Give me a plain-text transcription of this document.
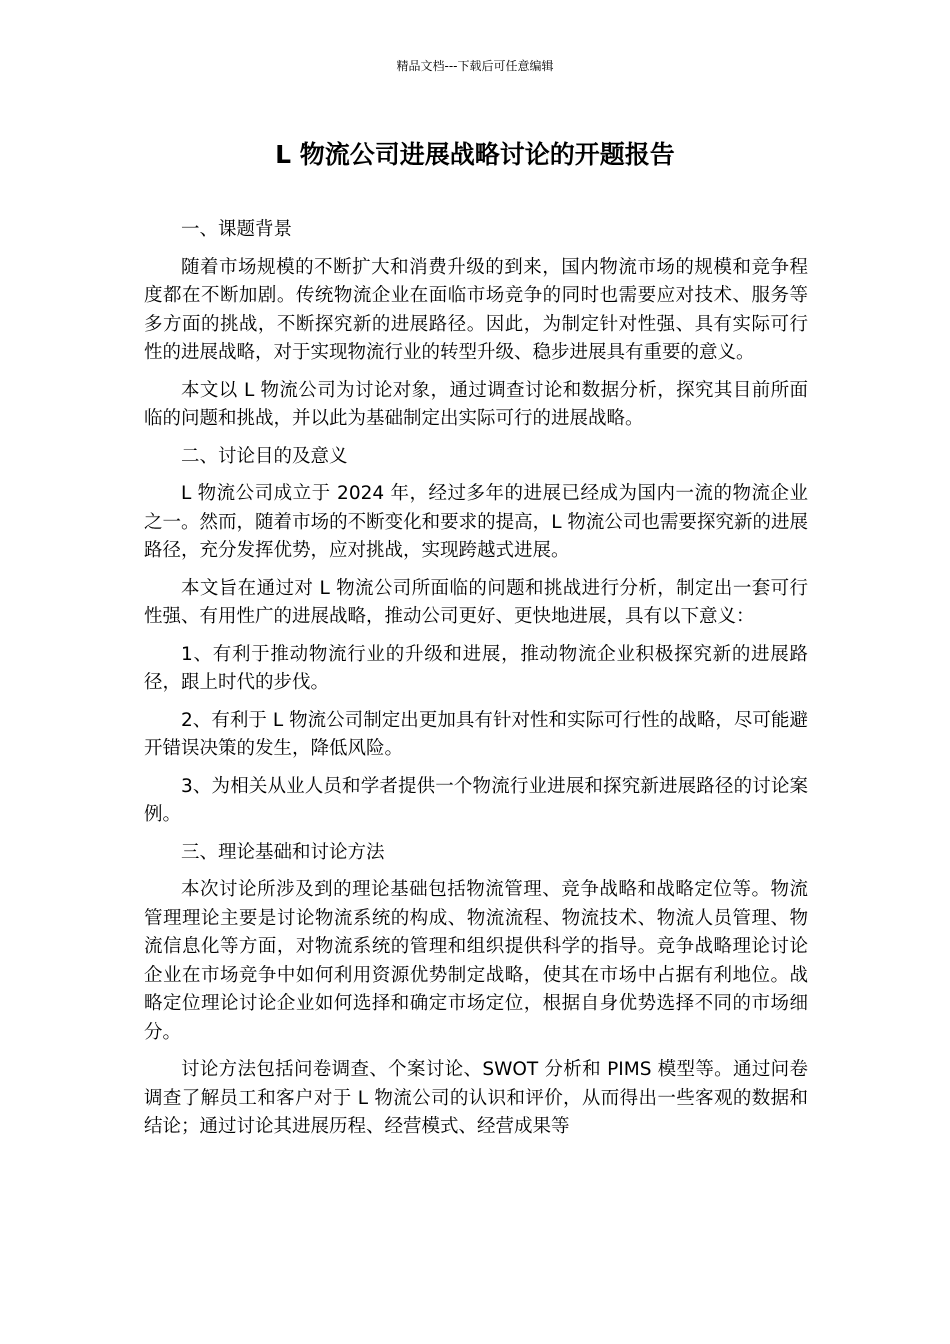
精品文档---下载后可任意编辑
L 物流公司进展战略讨论的开题报告
一、课题背景

随着市场规模的不断扩大和消费升级的到来，国内物流市场的规模和竞争程度都在不断加剧。传统物流企业在面临市场竞争的同时也需要应对技术、服务等多方面的挑战，不断探究新的进展路径。因此，为制定针对性强、具有实际可行性的进展战略，对于实现物流行业的转型升级、稳步进展具有重要的意义。

本文以 L 物流公司为讨论对象，通过调查讨论和数据分析，探究其目前所面临的问题和挑战，并以此为基础制定出实际可行的进展战略。

二、讨论目的及意义

L 物流公司成立于 2024 年，经过多年的进展已经成为国内一流的物流企业之一。然而，随着市场的不断变化和要求的提高，L 物流公司也需要探究新的进展路径，充分发挥优势，应对挑战，实现跨越式进展。

本文旨在通过对 L 物流公司所面临的问题和挑战进行分析，制定出一套可行性强、有用性广的进展战略，推动公司更好、更快地进展，具有以下意义：

1、有利于推动物流行业的升级和进展，推动物流企业积极探究新的进展路径，跟上时代的步伐。

2、有利于 L 物流公司制定出更加具有针对性和实际可行性的战略，尽可能避开错误决策的发生，降低风险。

3、为相关从业人员和学者提供一个物流行业进展和探究新进展路径的讨论案例。

三、理论基础和讨论方法

本次讨论所涉及到的理论基础包括物流管理、竞争战略和战略定位等。物流管理理论主要是讨论物流系统的构成、物流流程、物流技术、物流人员管理、物流信息化等方面，对物流系统的管理和组织提供科学的指导。竞争战略理论讨论企业在市场竞争中如何利用资源优势制定战略，使其在市场中占据有利地位。战略定位理论讨论企业如何选择和确定市场定位，根据自身优势选择不同的市场细分。

讨论方法包括问卷调查、个案讨论、SWOT 分析和 PIMS 模型等。通过问卷调查了解员工和客户对于 L 物流公司的认识和评价，从而得出一些客观的数据和结论；通过讨论其进展历程、经营模式、经营成果等
